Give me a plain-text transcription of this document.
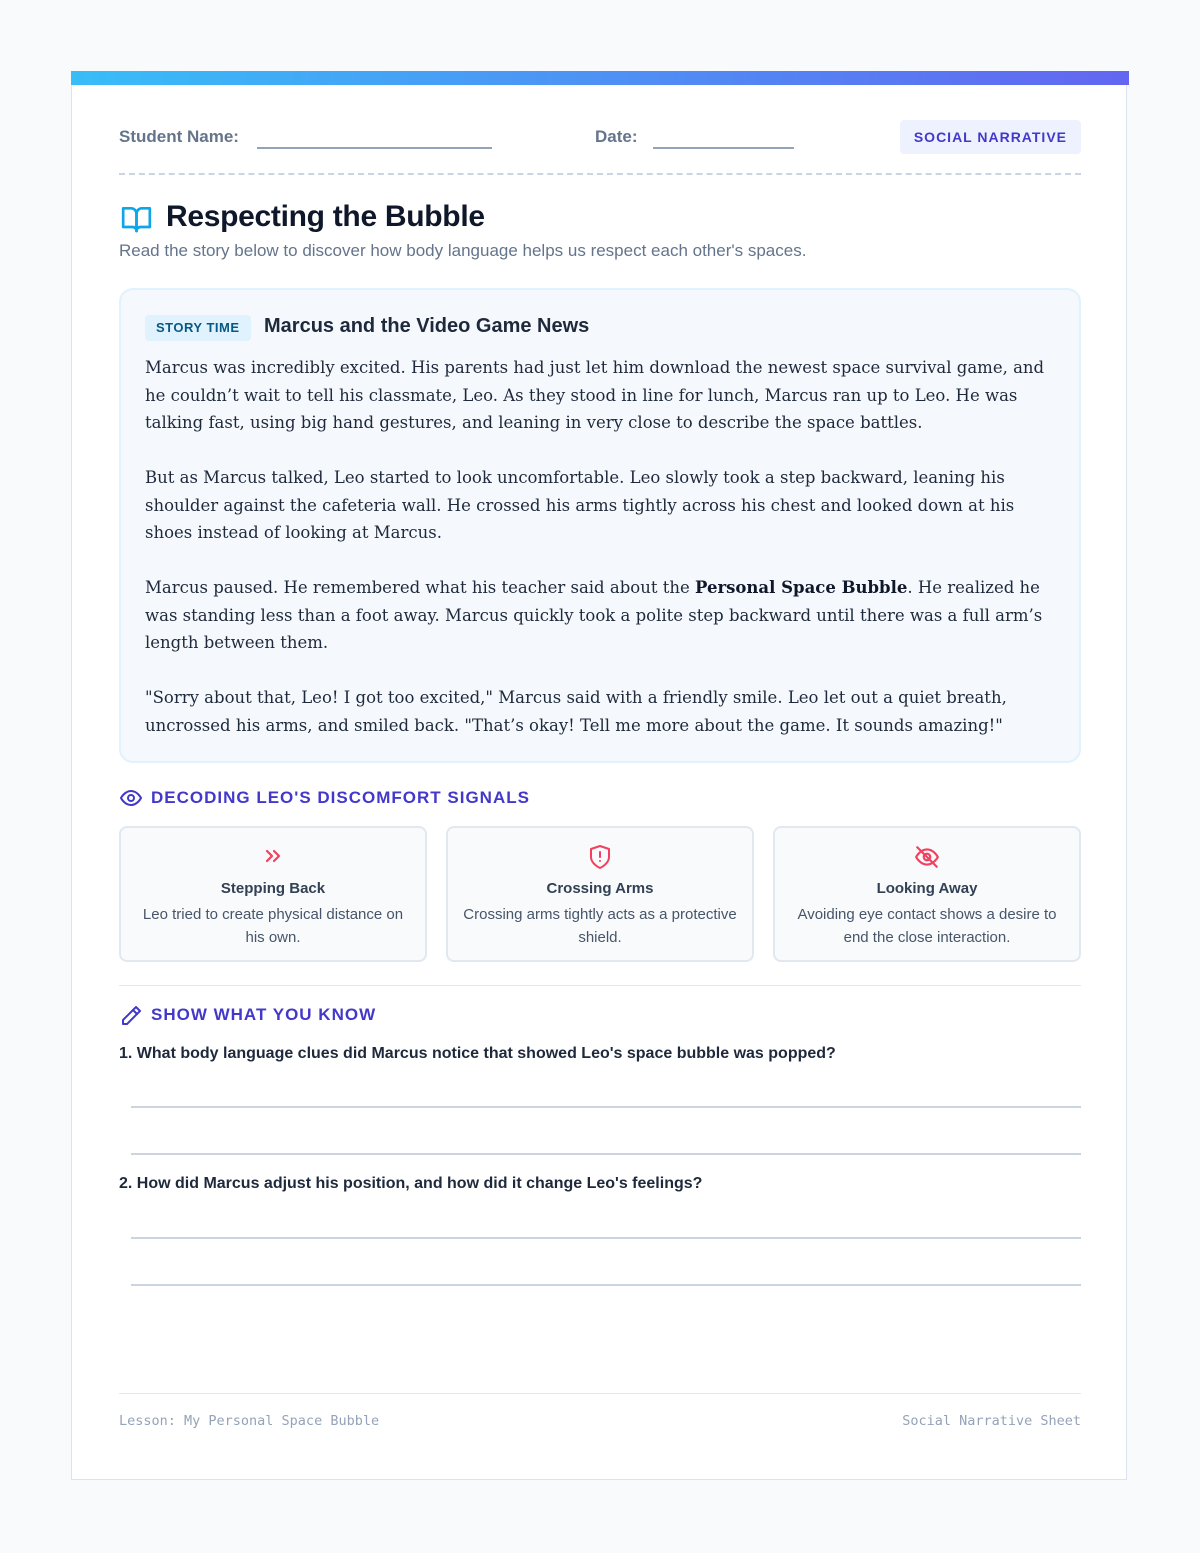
Student Name:	Date:	SOCIAL NARRATIVE
Respecting the Bubble
Read the story below to discover how body language helps us respect each other's spaces.
STORY TIME	Marcus and the Video Game News

Marcus was incredibly excited. His parents had just let him download the newest space survival game, and he couldn’t wait to tell his classmate, Leo. As they stood in line for lunch, Marcus ran up to Leo. He was talking fast, using big hand gestures, and leaning in very close to describe the space battles.

But as Marcus talked, Leo started to look uncomfortable. Leo slowly took a step backward, leaning his shoulder against the cafeteria wall. He crossed his arms tightly across his chest and looked down at his shoes instead of looking at Marcus.

Marcus paused. He remembered what his teacher said about the Personal Space Bubble. He realized he was standing less than a foot away. Marcus quickly took a polite step backward until there was a full arm’s length between them.

"Sorry about that, Leo! I got too excited," Marcus said with a friendly smile. Leo let out a quiet breath, uncrossed his arms, and smiled back. "That’s okay! Tell me more about the game. It sounds amazing!"

DECODING LEO'S DISCOMFORT SIGNALS
Stepping Back
Leo tried to create physical distance on his own.
Crossing Arms
Crossing arms tightly acts as a protective shield.
Looking Away
Avoiding eye contact shows a desire to end the close interaction.
SHOW WHAT YOU KNOW
1. What body language clues did Marcus notice that showed Leo's space bubble was popped?
2. How did Marcus adjust his position, and how did it change Leo's feelings?
Lesson: My Personal Space Bubble	Social Narrative Sheet
